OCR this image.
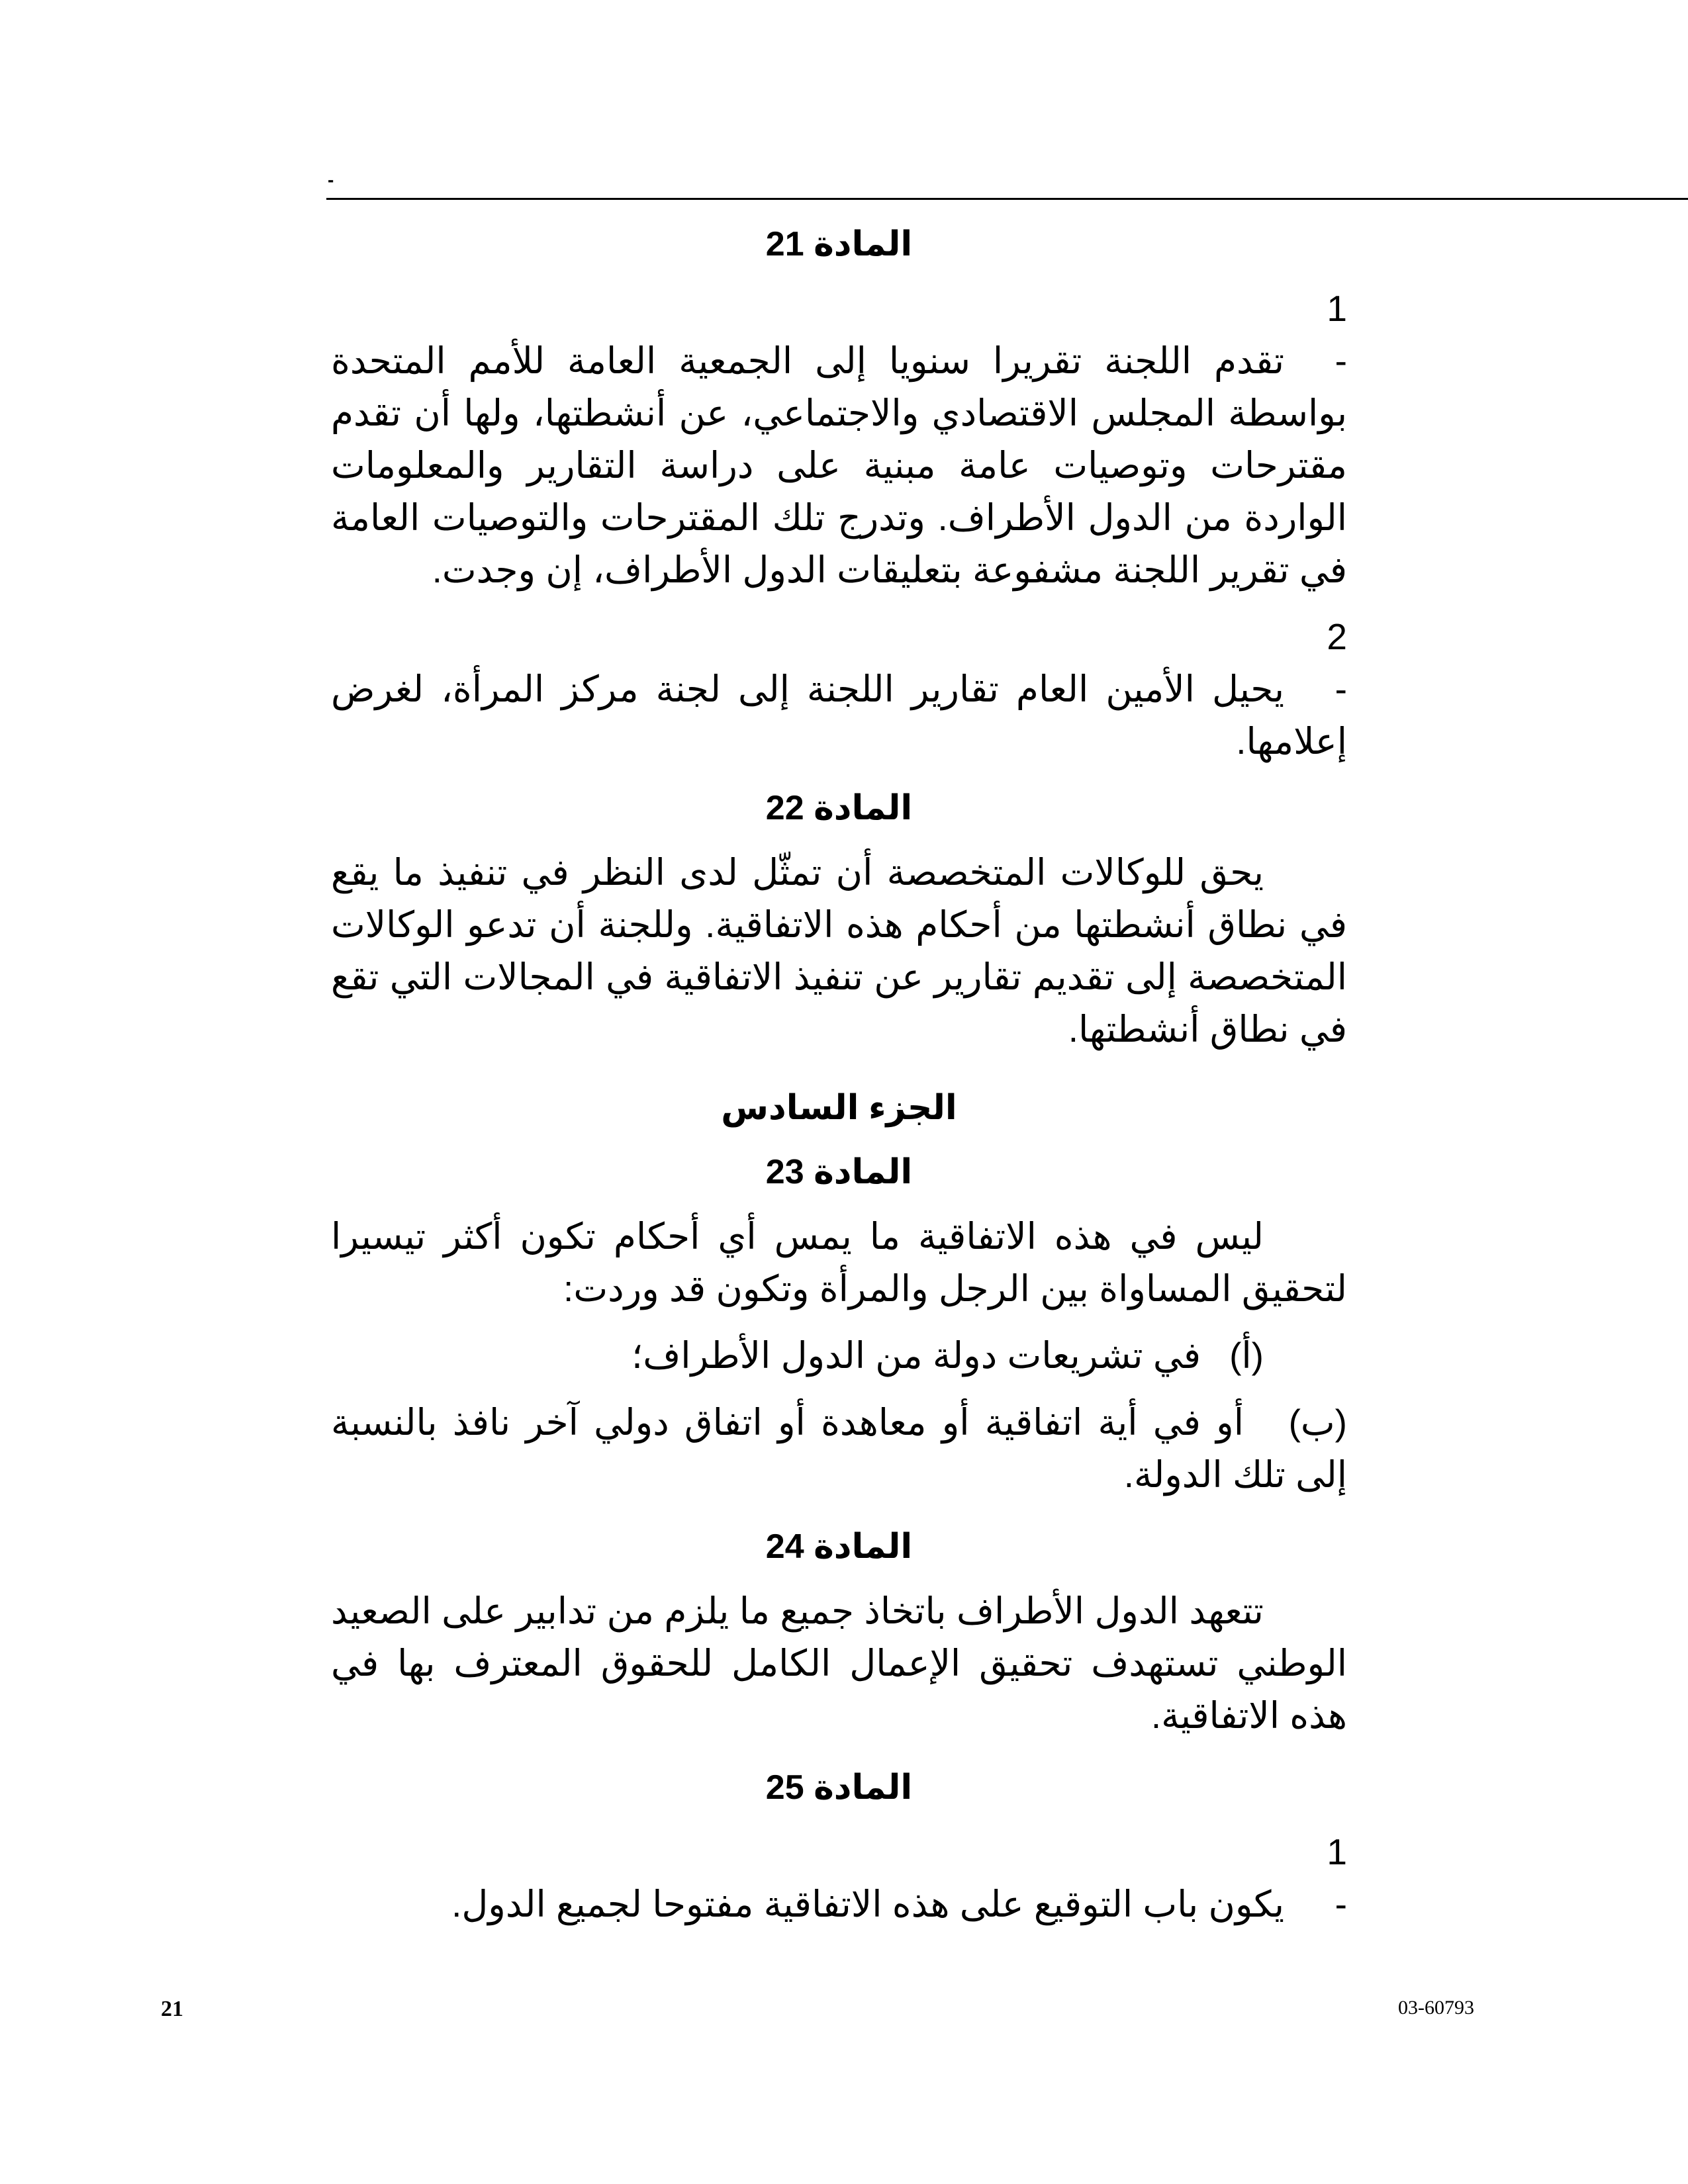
-
المادة 21

1 -تقدم اللجنة تقريرا سنويا إلى الجمعية العامة للأمم المتحدة بواسطة المجلس الاقتصادي والاجتماعي، عن أنشطتها، ولها أن تقدم مقترحات وتوصيات عامة مبنية على دراسة التقارير والمعلومات الواردة من الدول الأطراف. وتدرج تلك المقترحات والتوصيات العامة في تقرير اللجنة مشفوعة بتعليقات الدول الأطراف، إن وجدت.

2 -يحيل الأمين العام تقارير اللجنة إلى لجنة مركز المرأة، لغرض إعلامها.

المادة 22

يحق للوكالات المتخصصة أن تمثّل لدى النظر في تنفيذ ما يقع في نطاق أنشطتها من أحكام هذه الاتفاقية. وللجنة أن تدعو الوكالات المتخصصة إلى تقديم تقارير عن تنفيذ الاتفاقية في المجالات التي تقع في نطاق أنشطتها.

الجزء السادس
المادة 23

ليس في هذه الاتفاقية ما يمس أي أحكام تكون أكثر تيسيرا لتحقيق المساواة بين الرجل والمرأة وتكون قد وردت:

(أ)في تشريعات دولة من الدول الأطراف؛

(ب)أو في أية اتفاقية أو معاهدة أو اتفاق دولي آخر نافذ بالنسبة إلى تلك الدولة.

المادة 24

تتعهد الدول الأطراف باتخاذ جميع ما يلزم من تدابير على الصعيد الوطني تستهدف تحقيق الإعمال الكامل للحقوق المعترف بها في هذه الاتفاقية.

المادة 25

1 -يكون باب التوقيع على هذه الاتفاقية مفتوحا لجميع الدول.

21	03-60793
